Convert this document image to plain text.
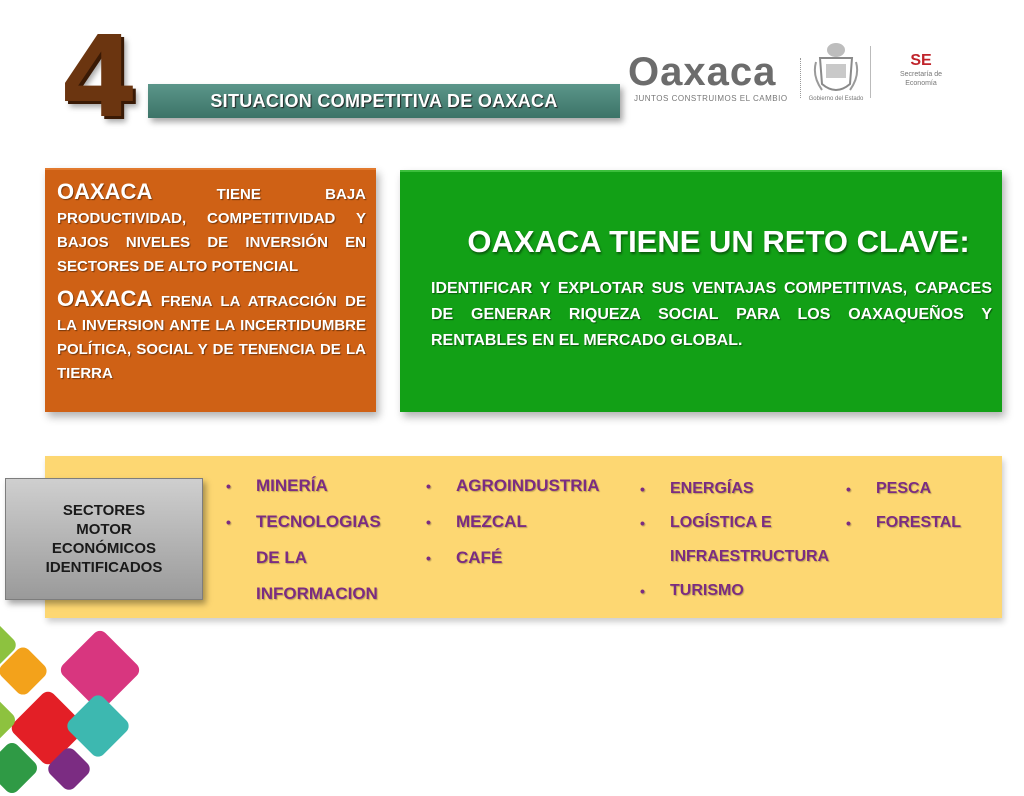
4	SITUACION COMPETITIVA DE OAXACA
Oaxaca
JUNTOS CONSTRUIMOS EL CAMBIO	Gobierno del Estado
SE
Secretaría de Economía
OAXACA TIENE BAJA PRODUCTIVIDAD, COMPETITIVIDAD Y BAJOS NIVELES DE INVERSIÓN EN SECTORES DE ALTO POTENCIAL
OAXACA FRENA LA ATRACCIÓN DE LA INVERSION ANTE LA INCERTIDUMBRE POLÍTICA, SOCIAL Y DE TENENCIA DE LA TIERRA
OAXACA TIENE UN RETO CLAVE:
IDENTIFICAR Y EXPLOTAR SUS VENTAJAS COMPETITIVAS, CAPACES DE GENERAR RIQUEZA SOCIAL PARA LOS OAXAQUEÑOS Y RENTABLES EN EL MERCADO GLOBAL.
SECTORES
MOTOR
ECONÓMICOS
IDENTIFICADOS
• MINERÍA
• TECNOLOGIAS
DE LA
INFORMACION
• AGROINDUSTRIA
• MEZCAL
• CAFÉ
• ENERGÍAS
• LOGÍSTICA E
INFRAESTRUCTURA
• TURISMO
• PESCA
• FORESTAL
